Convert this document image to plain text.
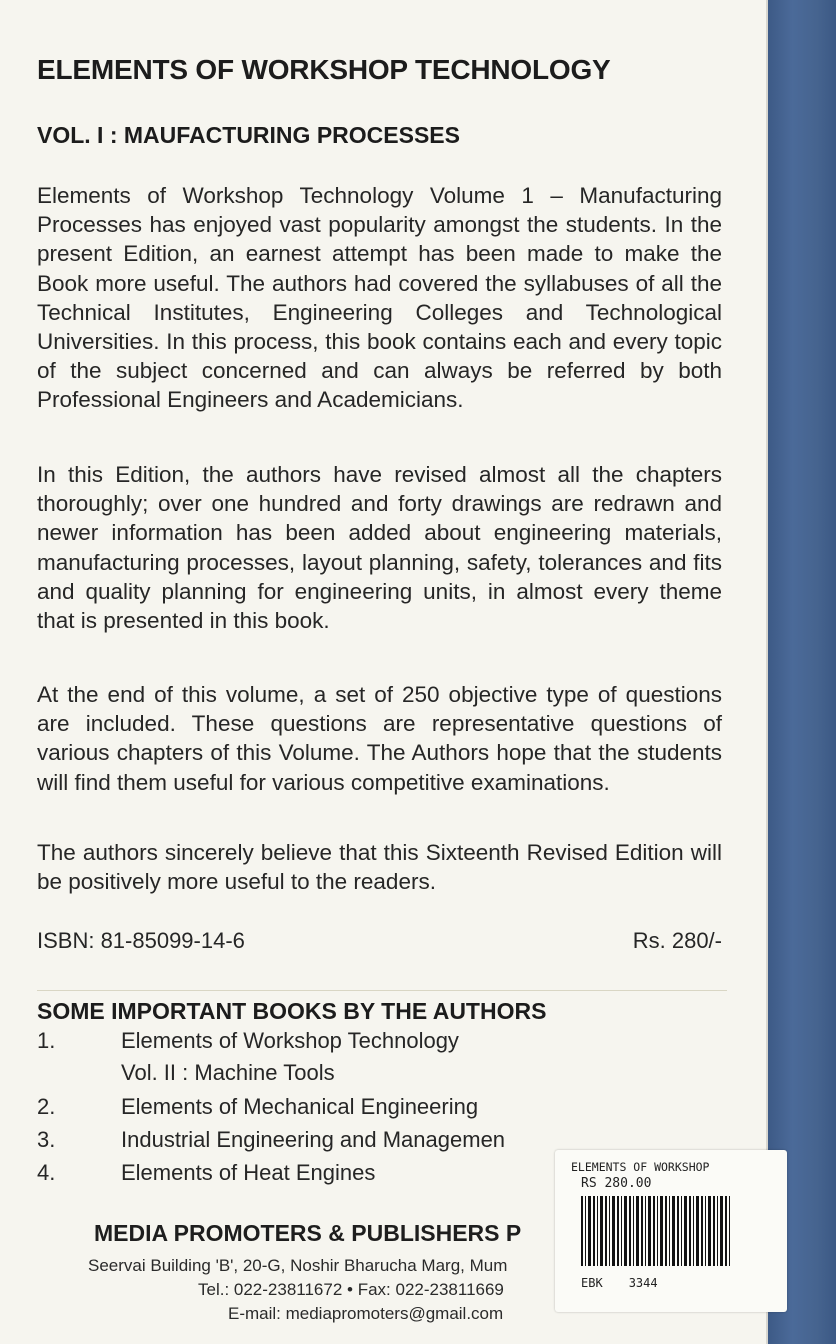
ELEMENTS OF WORKSHOP TECHNOLOGY
VOL. I : MAUFACTURING PROCESSES

Elements of Workshop Technology Volume 1 – Manufacturing Processes has enjoyed vast popularity amongst the students. In the present Edition, an earnest attempt has been made to make the Book more useful. The authors had covered the syllabuses of all the Technical Institutes, Engineering Colleges and Technological Universities. In this process, this book contains each and every topic of the subject concerned and can always be referred by both Professional Engineers and Academicians.

In this Edition, the authors have revised almost all the chapters thoroughly; over one hundred and forty drawings are redrawn and newer information has been added about engineering materials, manufacturing processes, layout planning, safety, tolerances and fits and quality planning for engineering units, in almost every theme that is presented in this book.

At the end of this volume, a set of 250 objective type of questions are included. These questions are representative questions of various chapters of this Volume. The Authors hope that the students will find them useful for various competitive examinations.

The authors sincerely believe that this Sixteenth Revised Edition will be positively more useful to the readers.

ISBN: 81-85099-14-6	Rs. 280/-
SOME IMPORTANT BOOKS BY THE AUTHORS
1.	Elements of Workshop Technology
Vol. II : Machine Tools
2.	Elements of Mechanical Engineering
3.	Industrial Engineering and Managemen
4.	Elements of Heat Engines
MEDIA PROMOTERS & PUBLISHERS P
Seervai Building 'B', 20-G, Noshir Bharucha Marg, Mum
Tel.: 022-23811672 • Fax: 022-23811669
E-mail: mediapromoters@gmail.com
ELEMENTS OF WORKSHOP
RS 280.00
EBK 3344
